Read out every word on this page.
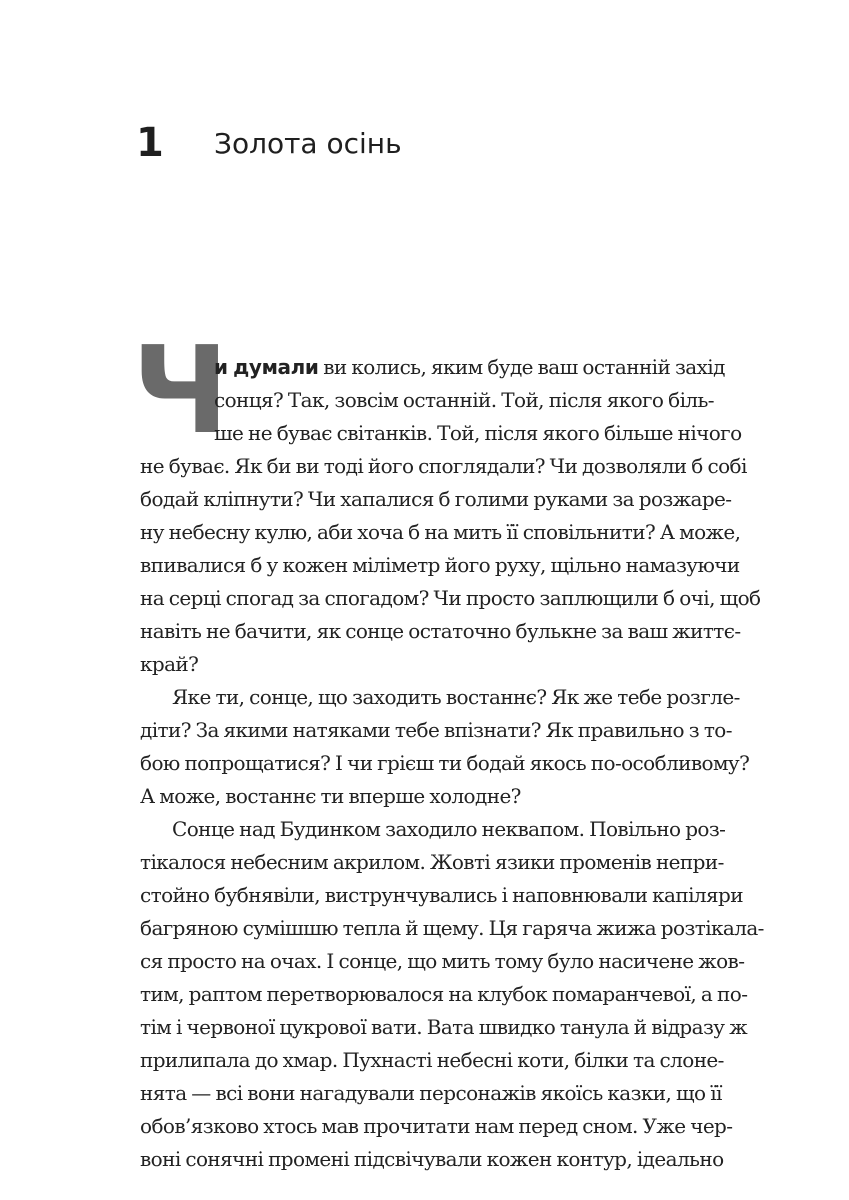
1 Золота осінь
Ч
и думали ви колись, яким буде ваш останній захід
сонця? Так, зовсім останній. Той, після якого біль-
ше не буває світанків. Той, після якого більше нічого
не буває. Як би ви тоді його споглядали? Чи дозволяли б собі
бодай кліпнути? Чи хапалися б голими руками за розжаре-
ну небесну кулю, аби хоча б на мить її сповільнити? А може,
впивалися б у кожен міліметр його руху, щільно намазуючи
на серці спогад за спогадом? Чи просто заплющили б очі, щоб
навіть не бачити, як сонце остаточно булькне за ваш життє-
край?
Яке ти, сонце, що заходить востаннє? Як же тебе розгле-
діти? За якими натяками тебе впізнати? Як правильно з то-
бою попрощатися? І чи грієш ти бодай якось по-особливому?
А може, востаннє ти вперше холодне?
Сонце над Будинком заходило неквапом. Повільно роз-
тікалося небесним акрилом. Жовті язики променів непри-
стойно бубнявіли, виструнчувались і наповнювали капіляри
багряною сумішшю тепла й щему. Ця гаряча жижа розтікала-
ся просто на очах. І сонце, що мить тому було насичене жов-
тим, раптом перетворювалося на клубок помаранчевої, а по-
тім і червоної цукрової вати. Вата швидко танула й відразу ж
прилипала до хмар. Пухнасті небесні коти, білки та слоне-
нята — всі вони нагадували персонажів якоїсь казки, що її
обов’язково хтось мав прочитати нам перед сном. Уже чер-
воні сонячні промені підсвічували кожен контур, ідеально
